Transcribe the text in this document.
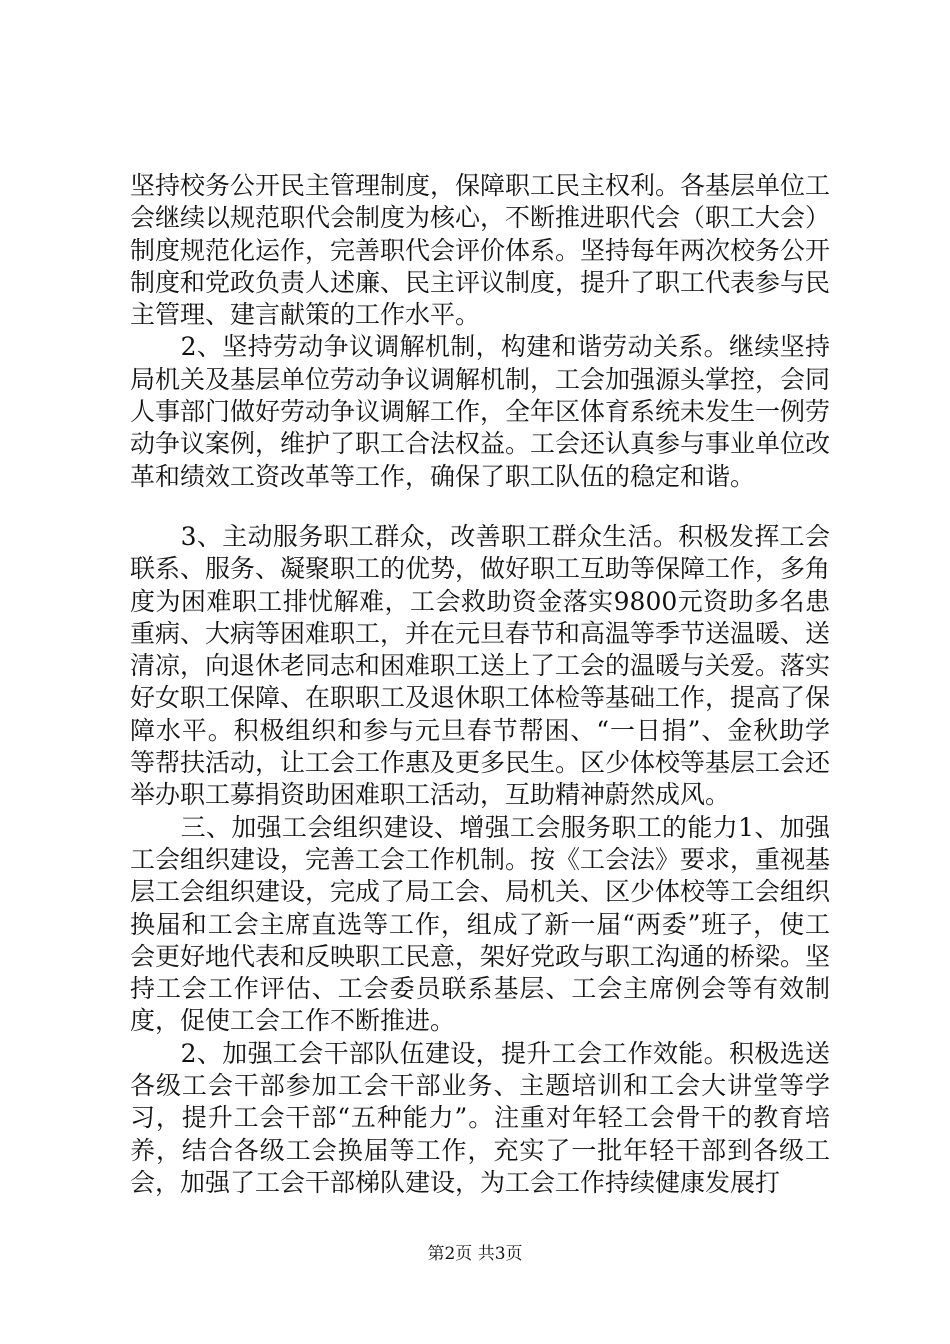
坚持校务公开民主管理制度，保障职工民主权利。各基层单位工会继续以规范职代会制度为核心，不断推进职代会（职工大会）制度规范化运作，完善职代会评价体系。坚持每年两次校务公开制度和党政负责人述廉、民主评议制度，提升了职工代表参与民主管理、建言献策的工作水平。

　　2、坚持劳动争议调解机制，构建和谐劳动关系。继续坚持局机关及基层单位劳动争议调解机制，工会加强源头掌控，会同人事部门做好劳动争议调解工作，全年区体育系统未发生一例劳动争议案例，维护了职工合法权益。工会还认真参与事业单位改革和绩效工资改革等工作，确保了职工队伍的稳定和谐。

　　3、主动服务职工群众，改善职工群众生活。积极发挥工会联系、服务、凝聚职工的优势，做好职工互助等保障工作，多角度为困难职工排忧解难，工会救助资金落实9800元资助多名患重病、大病等困难职工，并在元旦春节和高温等季节送温暖、送清凉，向退休老同志和困难职工送上了工会的温暖与关爱。落实好女职工保障、在职职工及退休职工体检等基础工作，提高了保障水平。积极组织和参与元旦春节帮困、“一日捐”、金秋助学等帮扶活动，让工会工作惠及更多民生。区少体校等基层工会还举办职工募捐资助困难职工活动，互助精神蔚然成风。

　　三、加强工会组织建设、增强工会服务职工的能力1、加强工会组织建设，完善工会工作机制。按《工会法》要求，重视基层工会组织建设，完成了局工会、局机关、区少体校等工会组织换届和工会主席直选等工作，组成了新一届“两委”班子，使工会更好地代表和反映职工民意，架好党政与职工沟通的桥梁。坚持工会工作评估、工会委员联系基层、工会主席例会等有效制度，促使工会工作不断推进。

　　2、加强工会干部队伍建设，提升工会工作效能。积极选送各级工会干部参加工会干部业务、主题培训和工会大讲堂等学习，提升工会干部“五种能力”。注重对年轻工会骨干的教育培养，结合各级工会换届等工作，充实了一批年轻干部到各级工会，加强了工会干部梯队建设，为工会工作持续健康发展打

第2页 共3页
